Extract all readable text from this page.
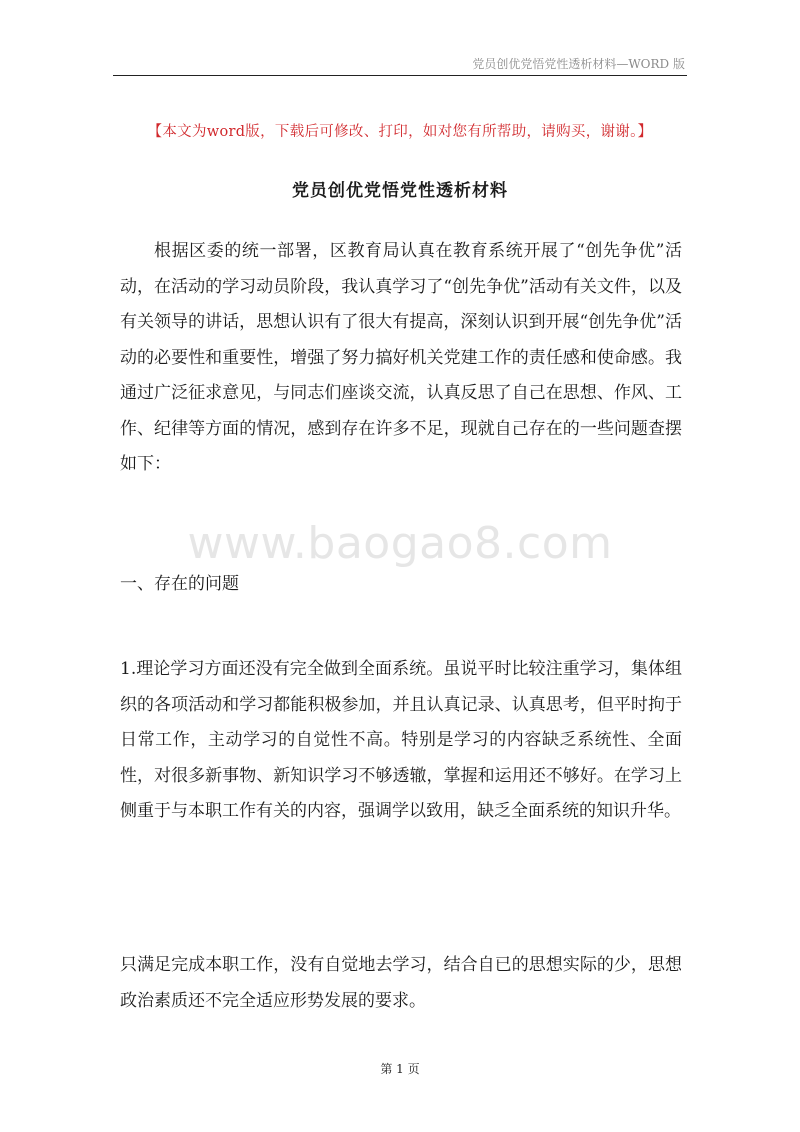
党员创优党悟党性透析材料—WORD 版
【本文为word版，下载后可修改、打印，如对您有所帮助，请购买，谢谢。】
党员创优党悟党性透析材料

根据区委的统一部署，区教育局认真在教育系统开展了“创先争优”活动，在活动的学习动员阶段，我认真学习了“创先争优”活动有关文件，以及有关领导的讲话，思想认识有了很大有提高，深刻认识到开展“创先争优”活动的必要性和重要性，增强了努力搞好机关党建工作的责任感和使命感。我通过广泛征求意见，与同志们座谈交流，认真反思了自己在思想、作风、工作、纪律等方面的情况，感到存在许多不足，现就自己存在的一些问题查摆如下：

www.baogao8.com

一、存在的问题

1.理论学习方面还没有完全做到全面系统。虽说平时比较注重学习，集体组织的各项活动和学习都能积极参加，并且认真记录、认真思考，但平时拘于日常工作，主动学习的自觉性不高。特别是学习的内容缺乏系统性、全面性，对很多新事物、新知识学习不够透辙，掌握和运用还不够好。在学习上侧重于与本职工作有关的内容，强调学以致用，缺乏全面系统的知识升华。

只满足完成本职工作，没有自觉地去学习，结合自已的思想实际的少，思想政治素质还不完全适应形势发展的要求。

第 1 页
